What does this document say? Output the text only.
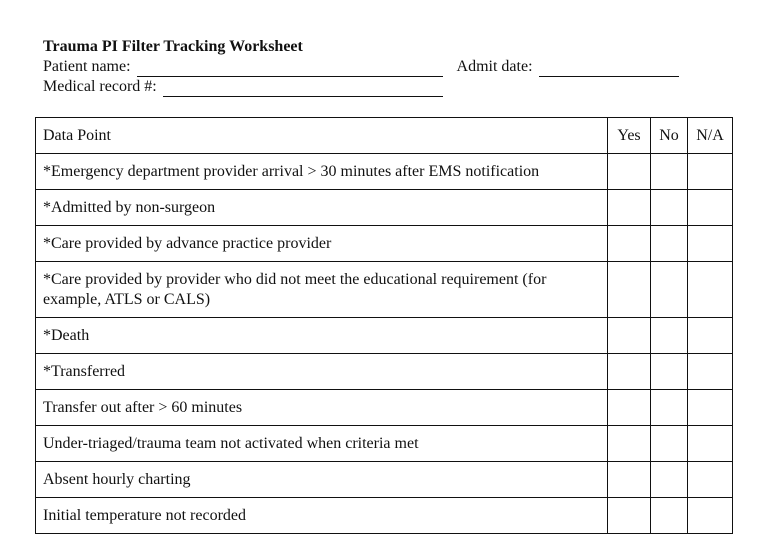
Trauma PI Filter Tracking Worksheet
Patient name:	Admit date:
Medical record #:
Data Point	Yes	No	N/A
*Emergency department provider arrival > 30 minutes after EMS notification			
*Admitted by non-surgeon			
*Care provided by advance practice provider			
*Care provided by provider who did not meet the educational requirement (for example, ATLS or CALS)			
*Death			
*Transferred			
Transfer out after > 60 minutes			
Under-triaged/trauma team not activated when criteria met			
Absent hourly charting			
Initial temperature not recorded			
